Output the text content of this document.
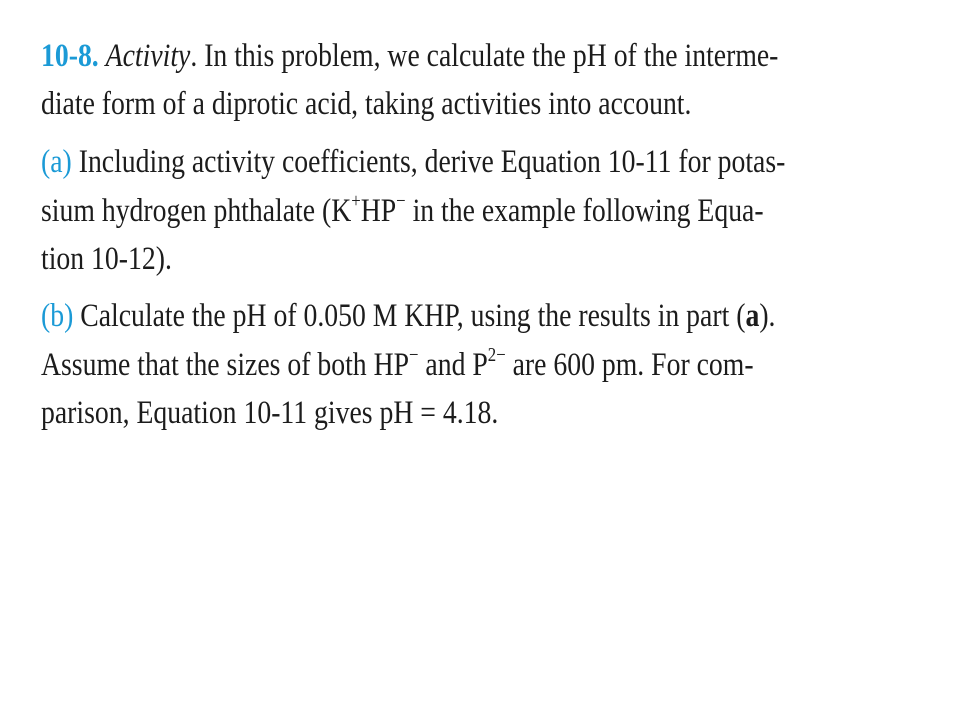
10-8. Activity. In this problem, we calculate the pH of the interme-
diate form of a diprotic acid, taking activities into account.
(a) Including activity coefficients, derive Equation 10-11 for potas-
sium hydrogen phthalate (K+HP− in the example following Equa-
tion 10-12).
(b) Calculate the pH of 0.050 M KHP, using the results in part (a).
Assume that the sizes of both HP− and $P^{2-}$ are 600 pm. For com-
parison, Equation 10-11 gives pH = 4.18.
